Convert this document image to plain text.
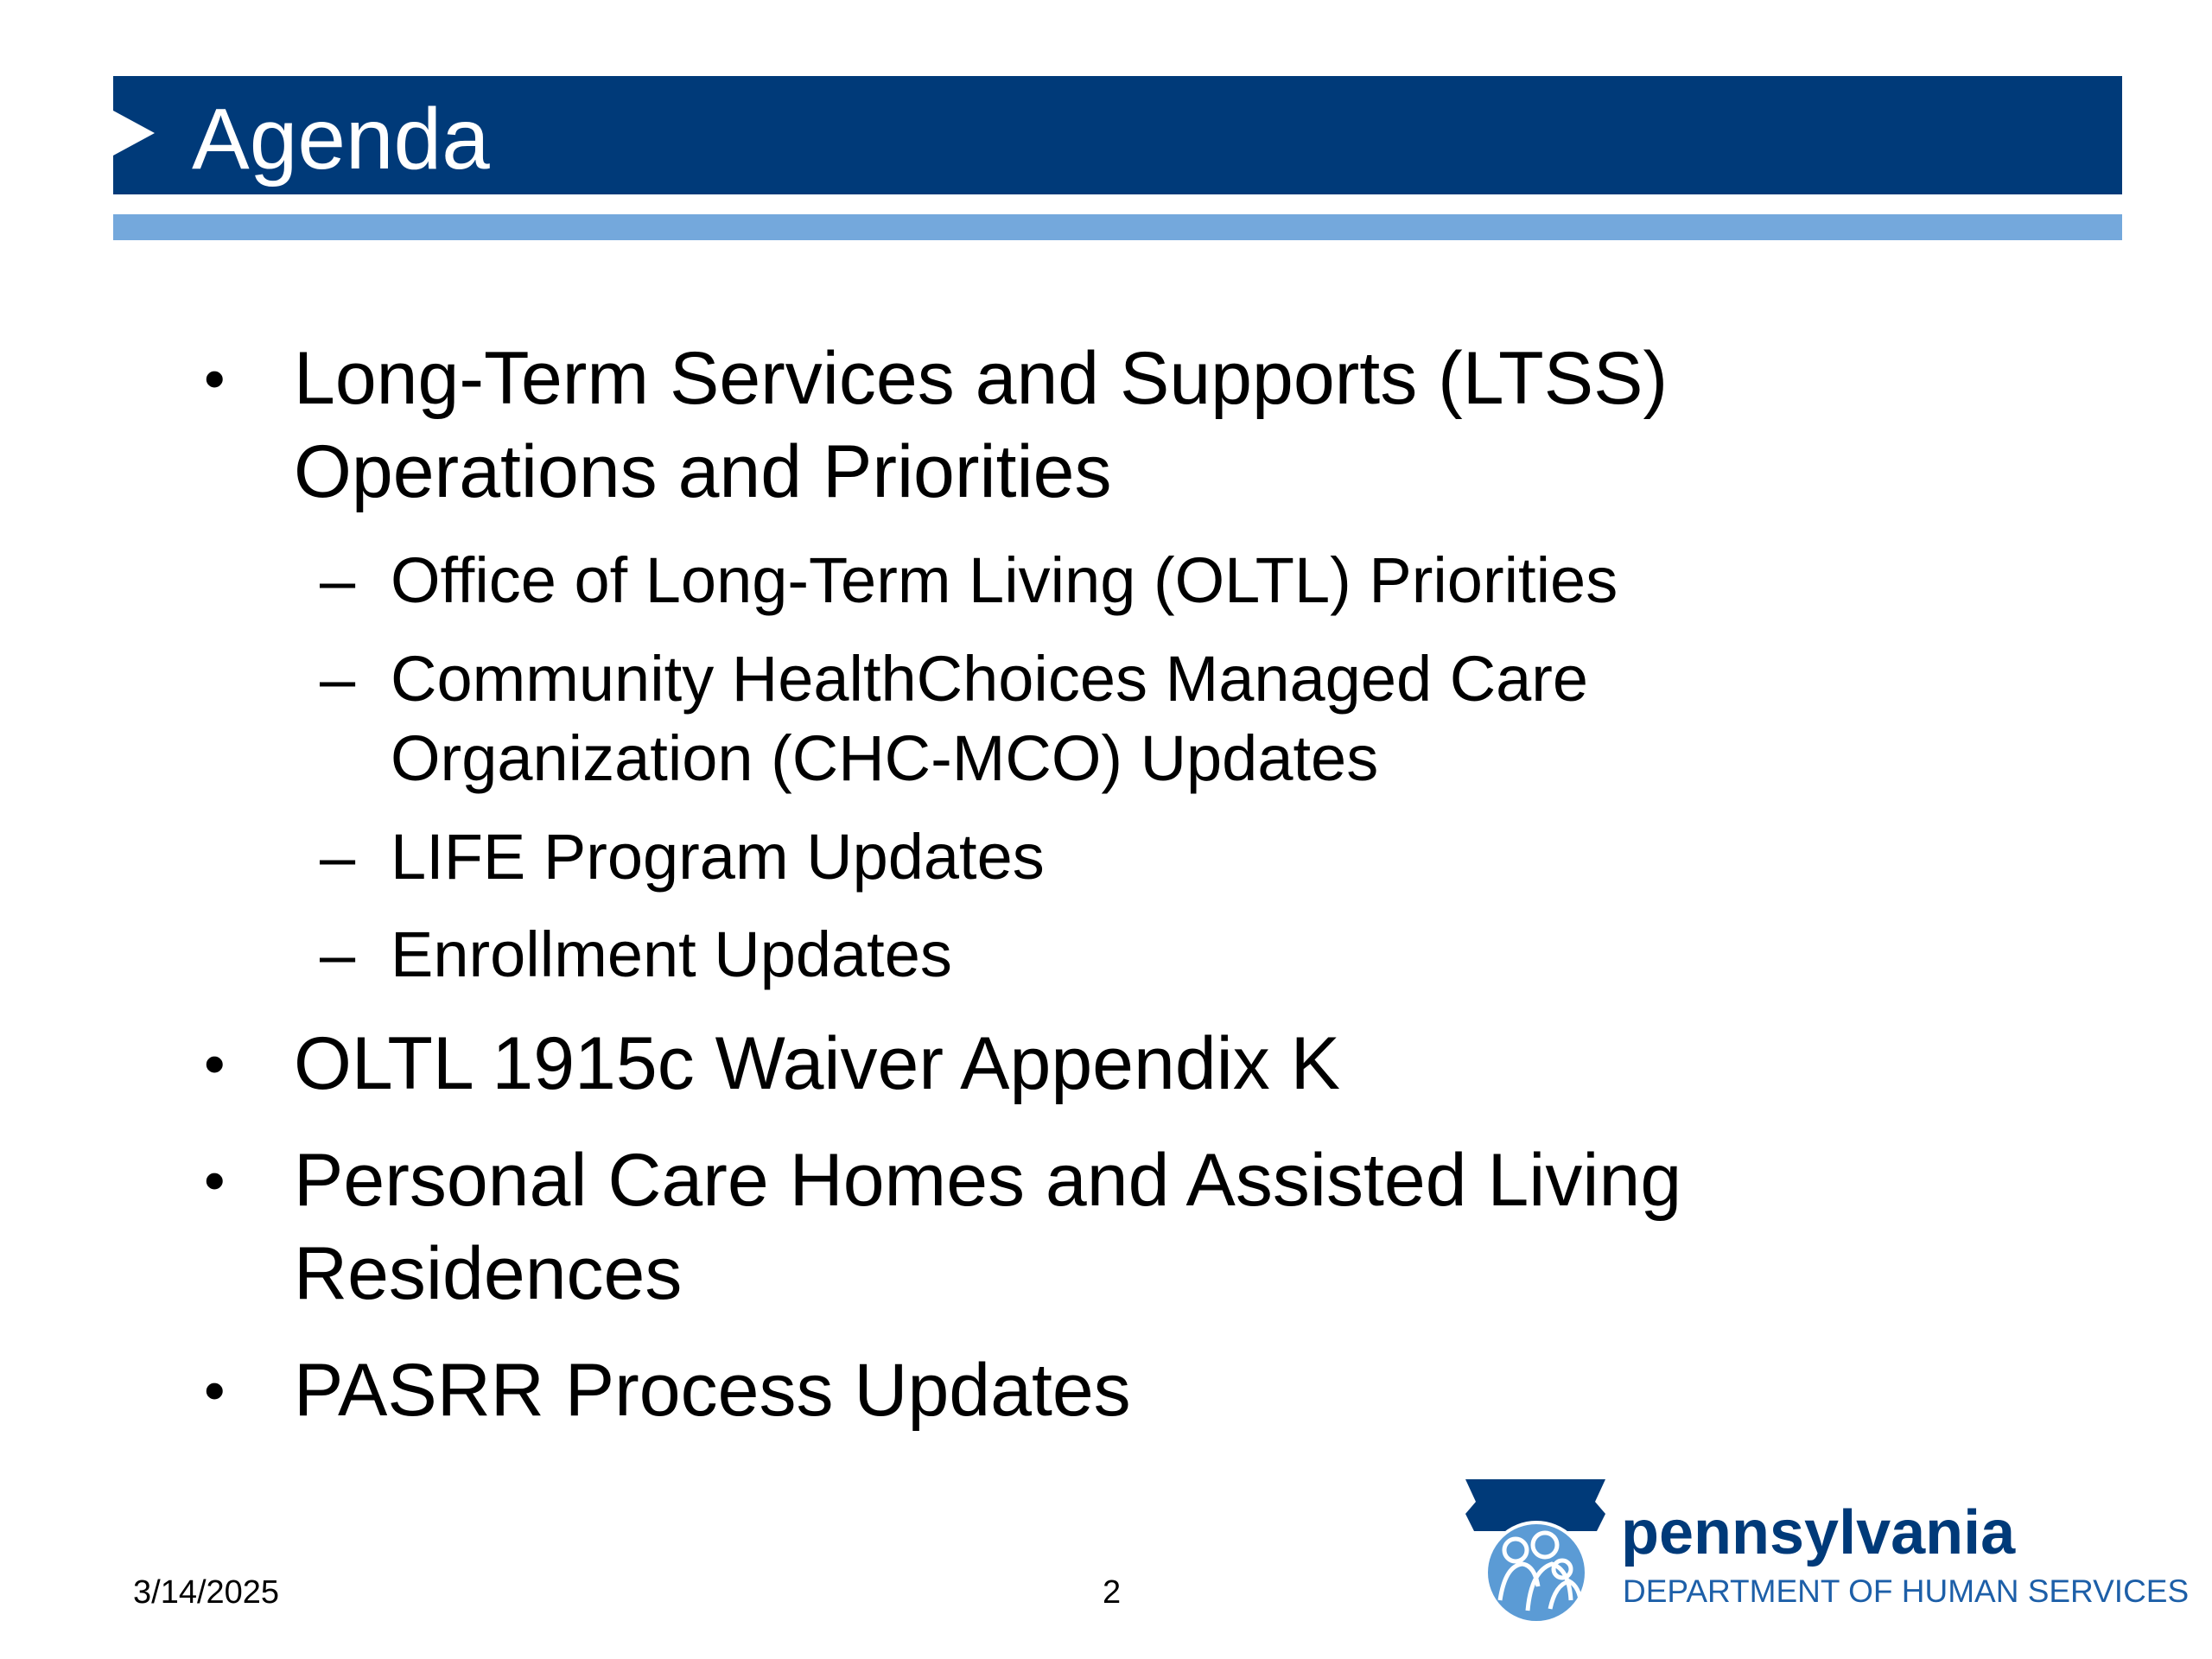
Agenda
• Long-Term Services and Supports (LTSS)
Operations and Priorities
– Office of Long-Term Living (OLTL) Priorities
– Community HealthChoices Managed Care
Organization (CHC-MCO) Updates
– LIFE Program Updates
– Enrollment Updates
• OLTL 1915c Waiver Appendix K
• Personal Care Homes and Assisted Living
Residences
• PASRR Process Updates
3/14/2025	2
pennsylvania
DEPARTMENT OF HUMAN SERVICES
